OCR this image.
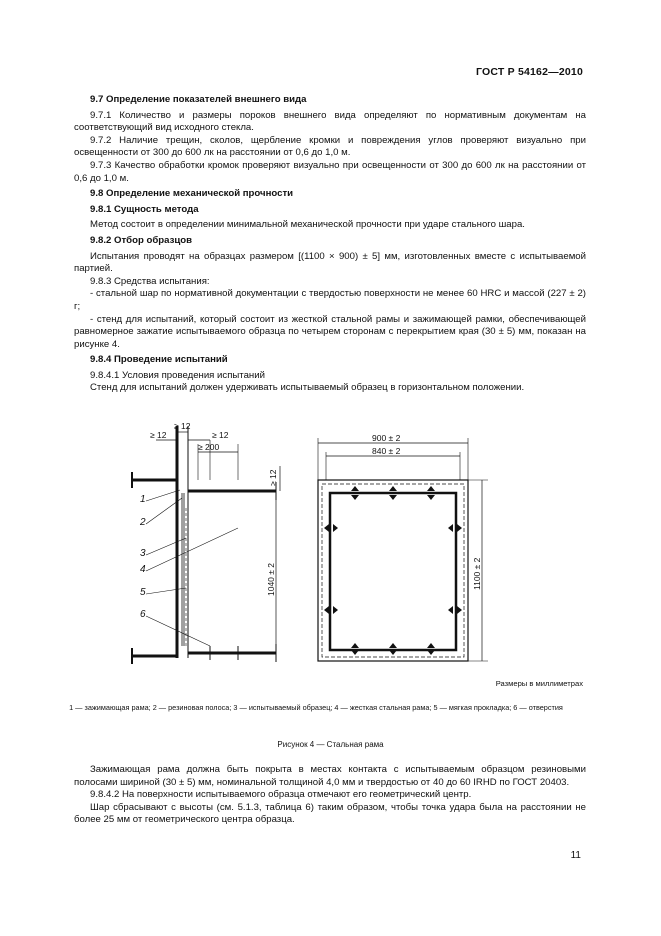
ГОСТ Р 54162—2010

9.7 Определение показателей внешнего вида

9.7.1 Количество и размеры пороков внешнего вида определяют по нормативным документам на соответствующий вид исходного стекла.

9.7.2 Наличие трещин, сколов, щербление кромки и повреждения углов проверяют визуально при освещенности от 300 до 600 лк на расстоянии от 0,6 до 1,0 м.

9.7.3 Качество обработки кромок проверяют визуально при освещенности от 300 до 600 лк на расстоянии от 0,6 до 1,0 м.

9.8 Определение механической прочности

9.8.1 Сущность метода

Метод состоит в определении минимальной механической прочности при ударе стального шара.

9.8.2 Отбор образцов

Испытания проводят на образцах размером [(1100 × 900) ± 5] мм, изготовленных вместе с испытываемой партией.

9.8.3 Средства испытания:

- стальной шар по нормативной документации с твердостью поверхности не менее 60 HRC и массой (227 ± 2) г;

- стенд для испытаний, который состоит из жесткой стальной рамы и зажимающей рамки, обеспечивающей равномерное зажатие испытываемого образца по четырем сторонам с перекрытием края (30 ± 5) мм, показан на рисунке 4.

9.8.4 Проведение испытаний

9.8.4.1 Условия проведения испытаний

Стенд для испытаний должен удерживать испытываемый образец в горизонтальном положении.

≥ 12
≥ 12	≥ 12
≥ 200
≥ 12
1040 ± 2
900 ± 2
840 ± 2
1100 ± 2
1
2
3
4
5
6
Размеры в миллиметрах
1 — зажимающая рама; 2 — резиновая полоса; 3 — испытываемый образец; 4 — жесткая стальная рама; 5 — мягкая прокладка; 6 — отверстия
Рисунок 4 — Стальная рама

Зажимающая рама должна быть покрыта в местах контакта с испытываемым образцом резиновыми полосами шириной (30 ± 5) мм, номинальной толщиной 4,0 мм и твердостью от 40 до 60 IRHD по ГОСТ 20403.

9.8.4.2 На поверхности испытываемого образца отмечают его геометрический центр.

Шар сбрасывают с высоты (см. 5.1.3, таблица 6) таким образом, чтобы точка удара была на расстоянии не более 25 мм от геометрического центра образца.

11
